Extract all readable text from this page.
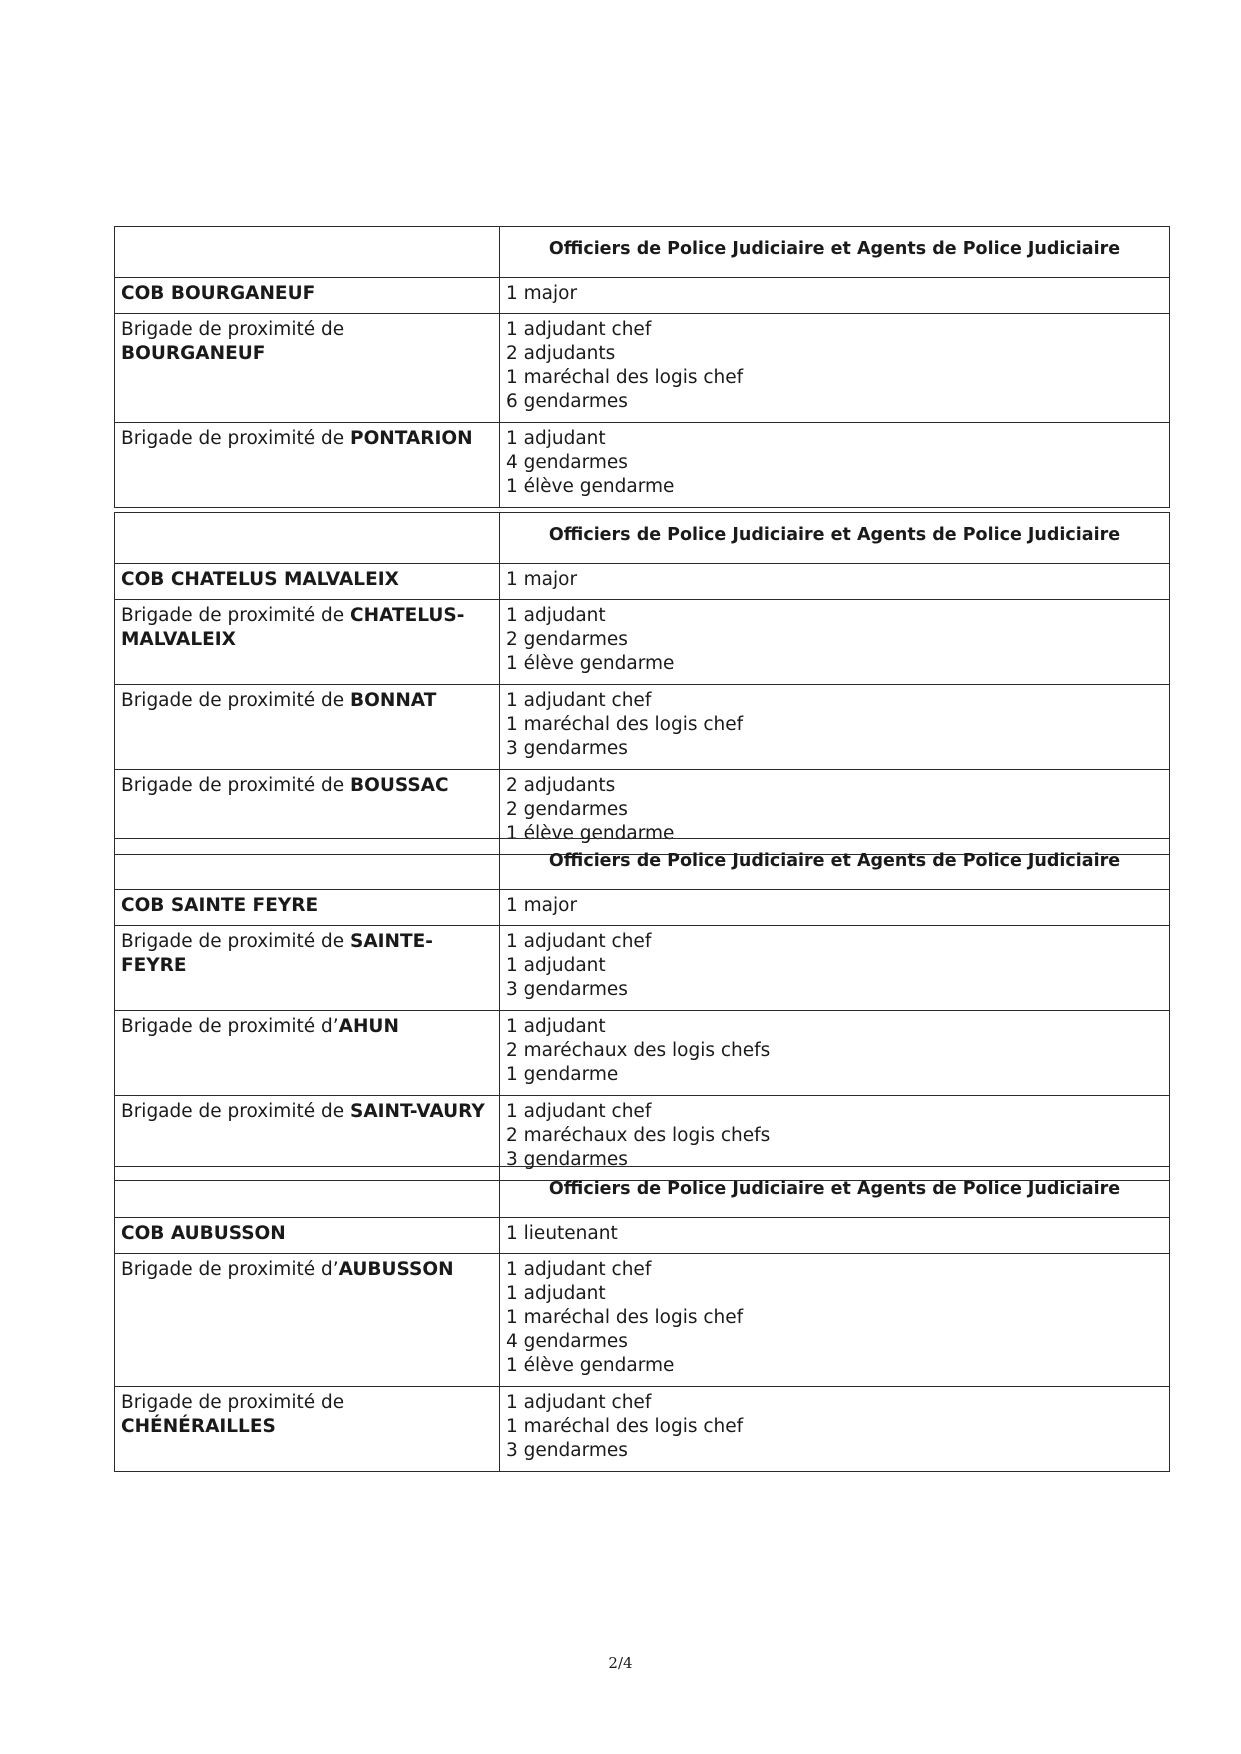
	Officiers de Police Judiciaire et Agents de Police Judiciaire
COB BOURGANEUF	1 major

Brigade de proximité de
BOURGANEUF	1 adjudant chef
2 adjudants
1 maréchal des logis chef
6 gendarmes

Brigade de proximité de PONTARION	1 adjudant
4 gendarmes
1 élève gendarme
	Officiers de Police Judiciaire et Agents de Police Judiciaire
COB CHATELUS MALVALEIX	1 major

Brigade de proximité de CHATELUS-
MALVALEIX	1 adjudant
2 gendarmes
1 élève gendarme

Brigade de proximité de BONNAT	1 adjudant chef
1 maréchal des logis chef
3 gendarmes

Brigade de proximité de BOUSSAC	2 adjudants
2 gendarmes
1 élève gendarme
	Officiers de Police Judiciaire et Agents de Police Judiciaire
COB SAINTE FEYRE	1 major

Brigade de proximité de SAINTE-
FEYRE	1 adjudant chef
1 adjudant
3 gendarmes

Brigade de proximité d’AHUN	1 adjudant
2 maréchaux des logis chefs
1 gendarme

Brigade de proximité de SAINT-VAURY	1 adjudant chef
2 maréchaux des logis chefs
3 gendarmes
	Officiers de Police Judiciaire et Agents de Police Judiciaire
COB AUBUSSON	1 lieutenant

Brigade de proximité d’AUBUSSON	1 adjudant chef
1 adjudant
1 maréchal des logis chef
4 gendarmes
1 élève gendarme

Brigade de proximité de
CHÉNÉRAILLES	1 adjudant chef
1 maréchal des logis chef
3 gendarmes
2/4
